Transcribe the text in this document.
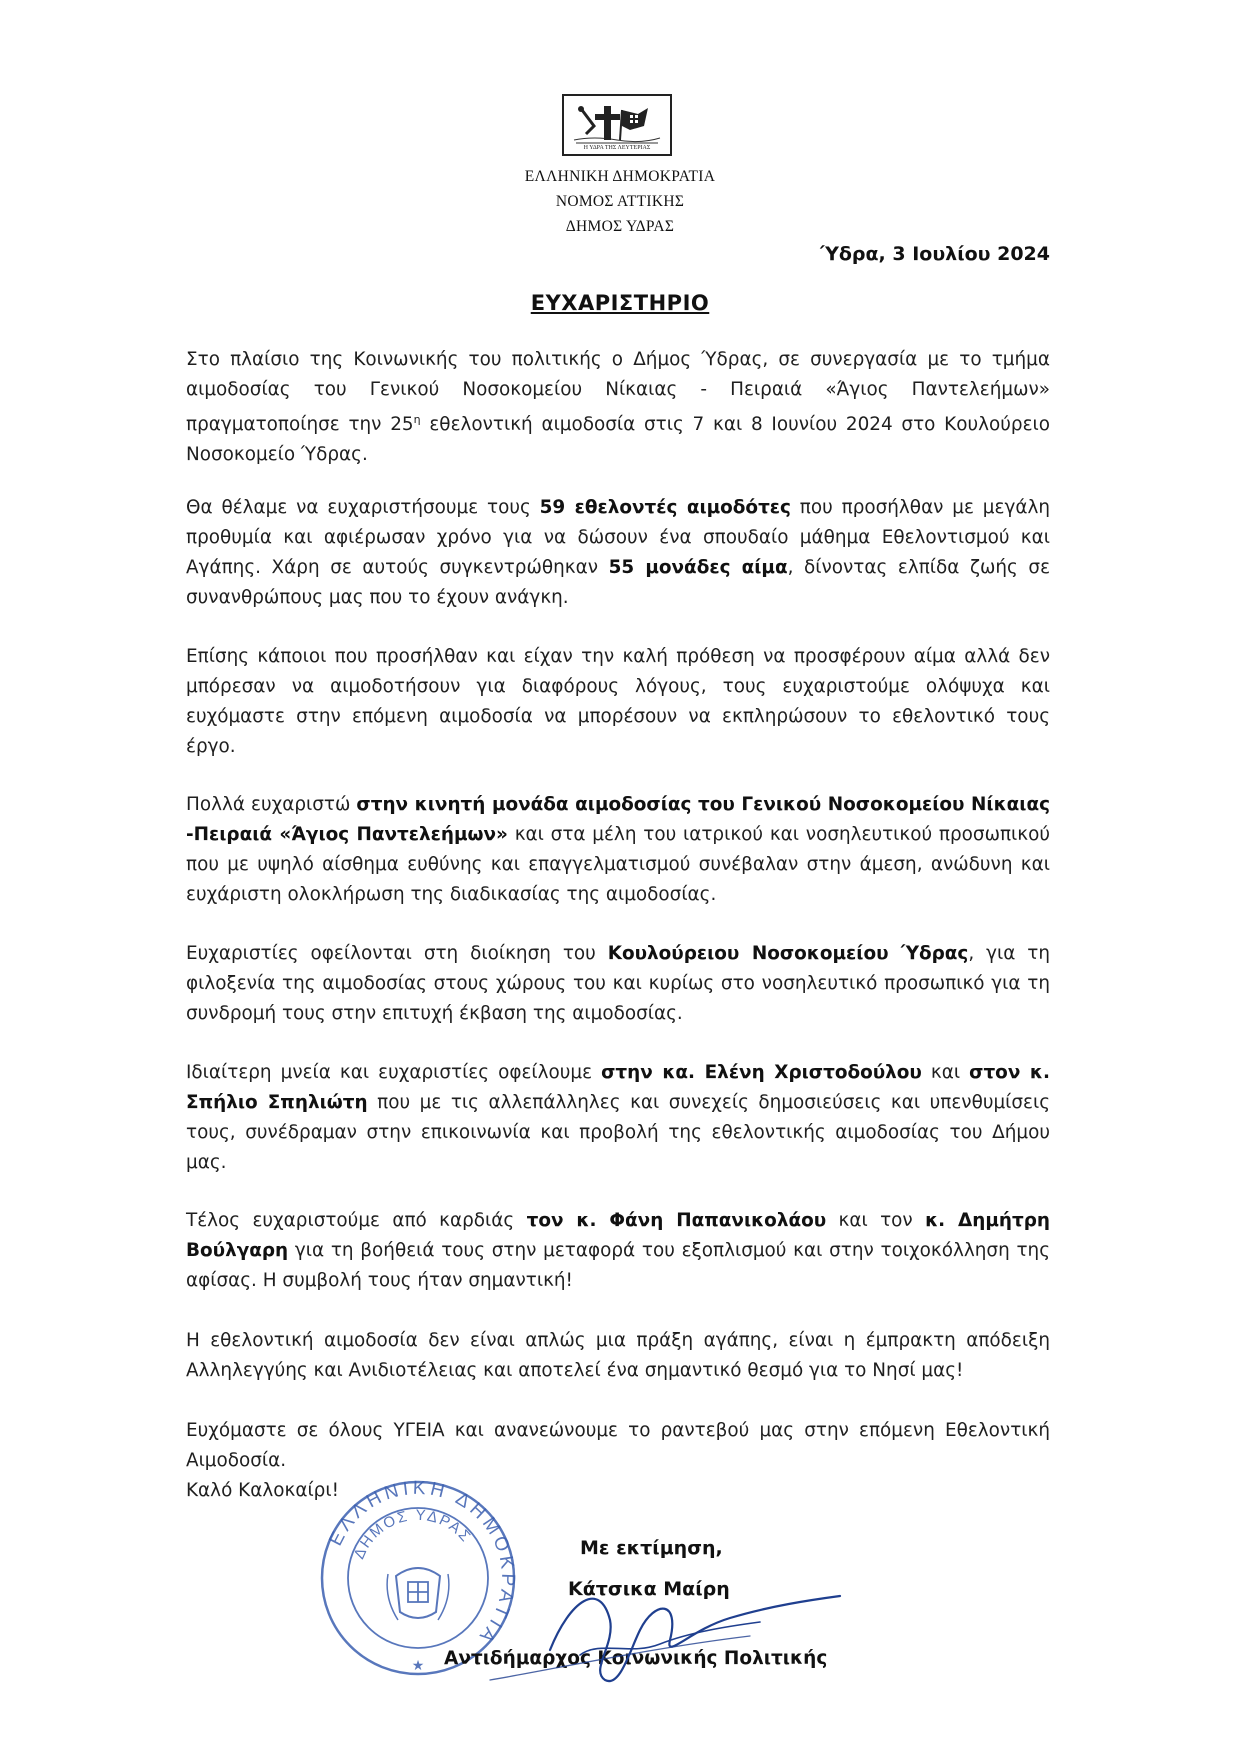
Η ΥΔΡΑ ΤΗΣ ΛΕΥΤΕΡΙΑΣ
ΕΛΛΗΝΙΚΗ ΔΗΜΟΚΡΑΤΙΑ
ΝΟΜΟΣ ΑΤΤΙΚΗΣ
ΔΗΜΟΣ ΥΔΡΑΣ
Ύδρα, 3 Ιουλίου 2024
ΕΥΧΑΡΙΣΤΗΡΙΟ

Στο πλαίσιο της Κοινωνικής του πολιτικής ο Δήμος Ύδρας, σε συνεργασία με το τμήμα αιμοδοσίας του Γενικού Νοσοκομείου Νίκαιας - Πειραιά «Άγιος Παντελεήμων» πραγματοποίησε την $25^\eta$ εθελοντική αιμοδοσία στις 7 και 8 Ιουνίου 2024 στο Κουλούρειο Νοσοκομείο Ύδρας.

Θα θέλαμε να ευχαριστήσουμε τους 59 εθελοντές αιμοδότες που προσήλθαν με μεγάλη προθυμία και αφιέρωσαν χρόνο για να δώσουν ένα σπουδαίο μάθημα Εθελοντισμού και Αγάπης. Χάρη σε αυτούς συγκεντρώθηκαν 55 μονάδες αίμα, δίνοντας ελπίδα ζωής σε συνανθρώπους μας που το έχουν ανάγκη.

Επίσης κάποιοι που προσήλθαν και είχαν την καλή πρόθεση να προσφέρουν αίμα αλλά δεν μπόρεσαν να αιμοδοτήσουν για διαφόρους λόγους, τους ευχαριστούμε ολόψυχα και ευχόμαστε στην επόμενη αιμοδοσία να μπορέσουν να εκπληρώσουν το εθελοντικό τους έργο.

Πολλά ευχαριστώ στην κινητή μονάδα αιμοδοσίας του Γενικού Νοσοκομείου Νίκαιας -Πειραιά «Άγιος Παντελεήμων» και στα μέλη του ιατρικού και νοσηλευτικού προσωπικού που με υψηλό αίσθημα ευθύνης και επαγγελματισμού συνέβαλαν στην άμεση, ανώδυνη και ευχάριστη ολοκλήρωση της διαδικασίας της αιμοδοσίας.

Ευχαριστίες οφείλονται στη διοίκηση του Κουλούρειου Νοσοκομείου Ύδρας, για τη φιλοξενία της αιμοδοσίας στους χώρους του και κυρίως στο νοσηλευτικό προσωπικό για τη συνδρομή τους στην επιτυχή έκβαση της αιμοδοσίας.

Ιδιαίτερη μνεία και ευχαριστίες οφείλουμε στην κα. Ελένη Χριστοδούλου και στον κ. Σπήλιο Σπηλιώτη που με τις αλλεπάλληλες και συνεχείς δημοσιεύσεις και υπενθυμίσεις τους, συνέδραμαν στην επικοινωνία και προβολή της εθελοντικής αιμοδοσίας του Δήμου μας.

Τέλος ευχαριστούμε από καρδιάς τον κ. Φάνη Παπανικολάου και τον κ. Δημήτρη Βούλγαρη για τη βοήθειά τους στην μεταφορά του εξοπλισμού και στην τοιχοκόλληση της αφίσας. Η συμβολή τους ήταν σημαντική!

Η εθελοντική αιμοδοσία δεν είναι απλώς μια πράξη αγάπης, είναι η έμπρακτη απόδειξη Αλληλεγγύης και Ανιδιοτέλειας και αποτελεί ένα σημαντικό θεσμό για το Νησί μας!

Ευχόμαστε σε όλους ΥΓΕΙΑ και ανανεώνουμε το ραντεβού μας στην επόμενη Εθελοντική Αιμοδοσία.

Καλό Καλοκαίρι!
ΕΛΛΗΝΙΚΗ ΔΗΜΟΚΡΑΤΙΑ
ΔΗΜΟΣ ΥΔΡΑΣ
★
Με εκτίμηση,
Κάτσικα Μαίρη
Αντιδήμαρχος Κοινωνικής Πολιτικής
